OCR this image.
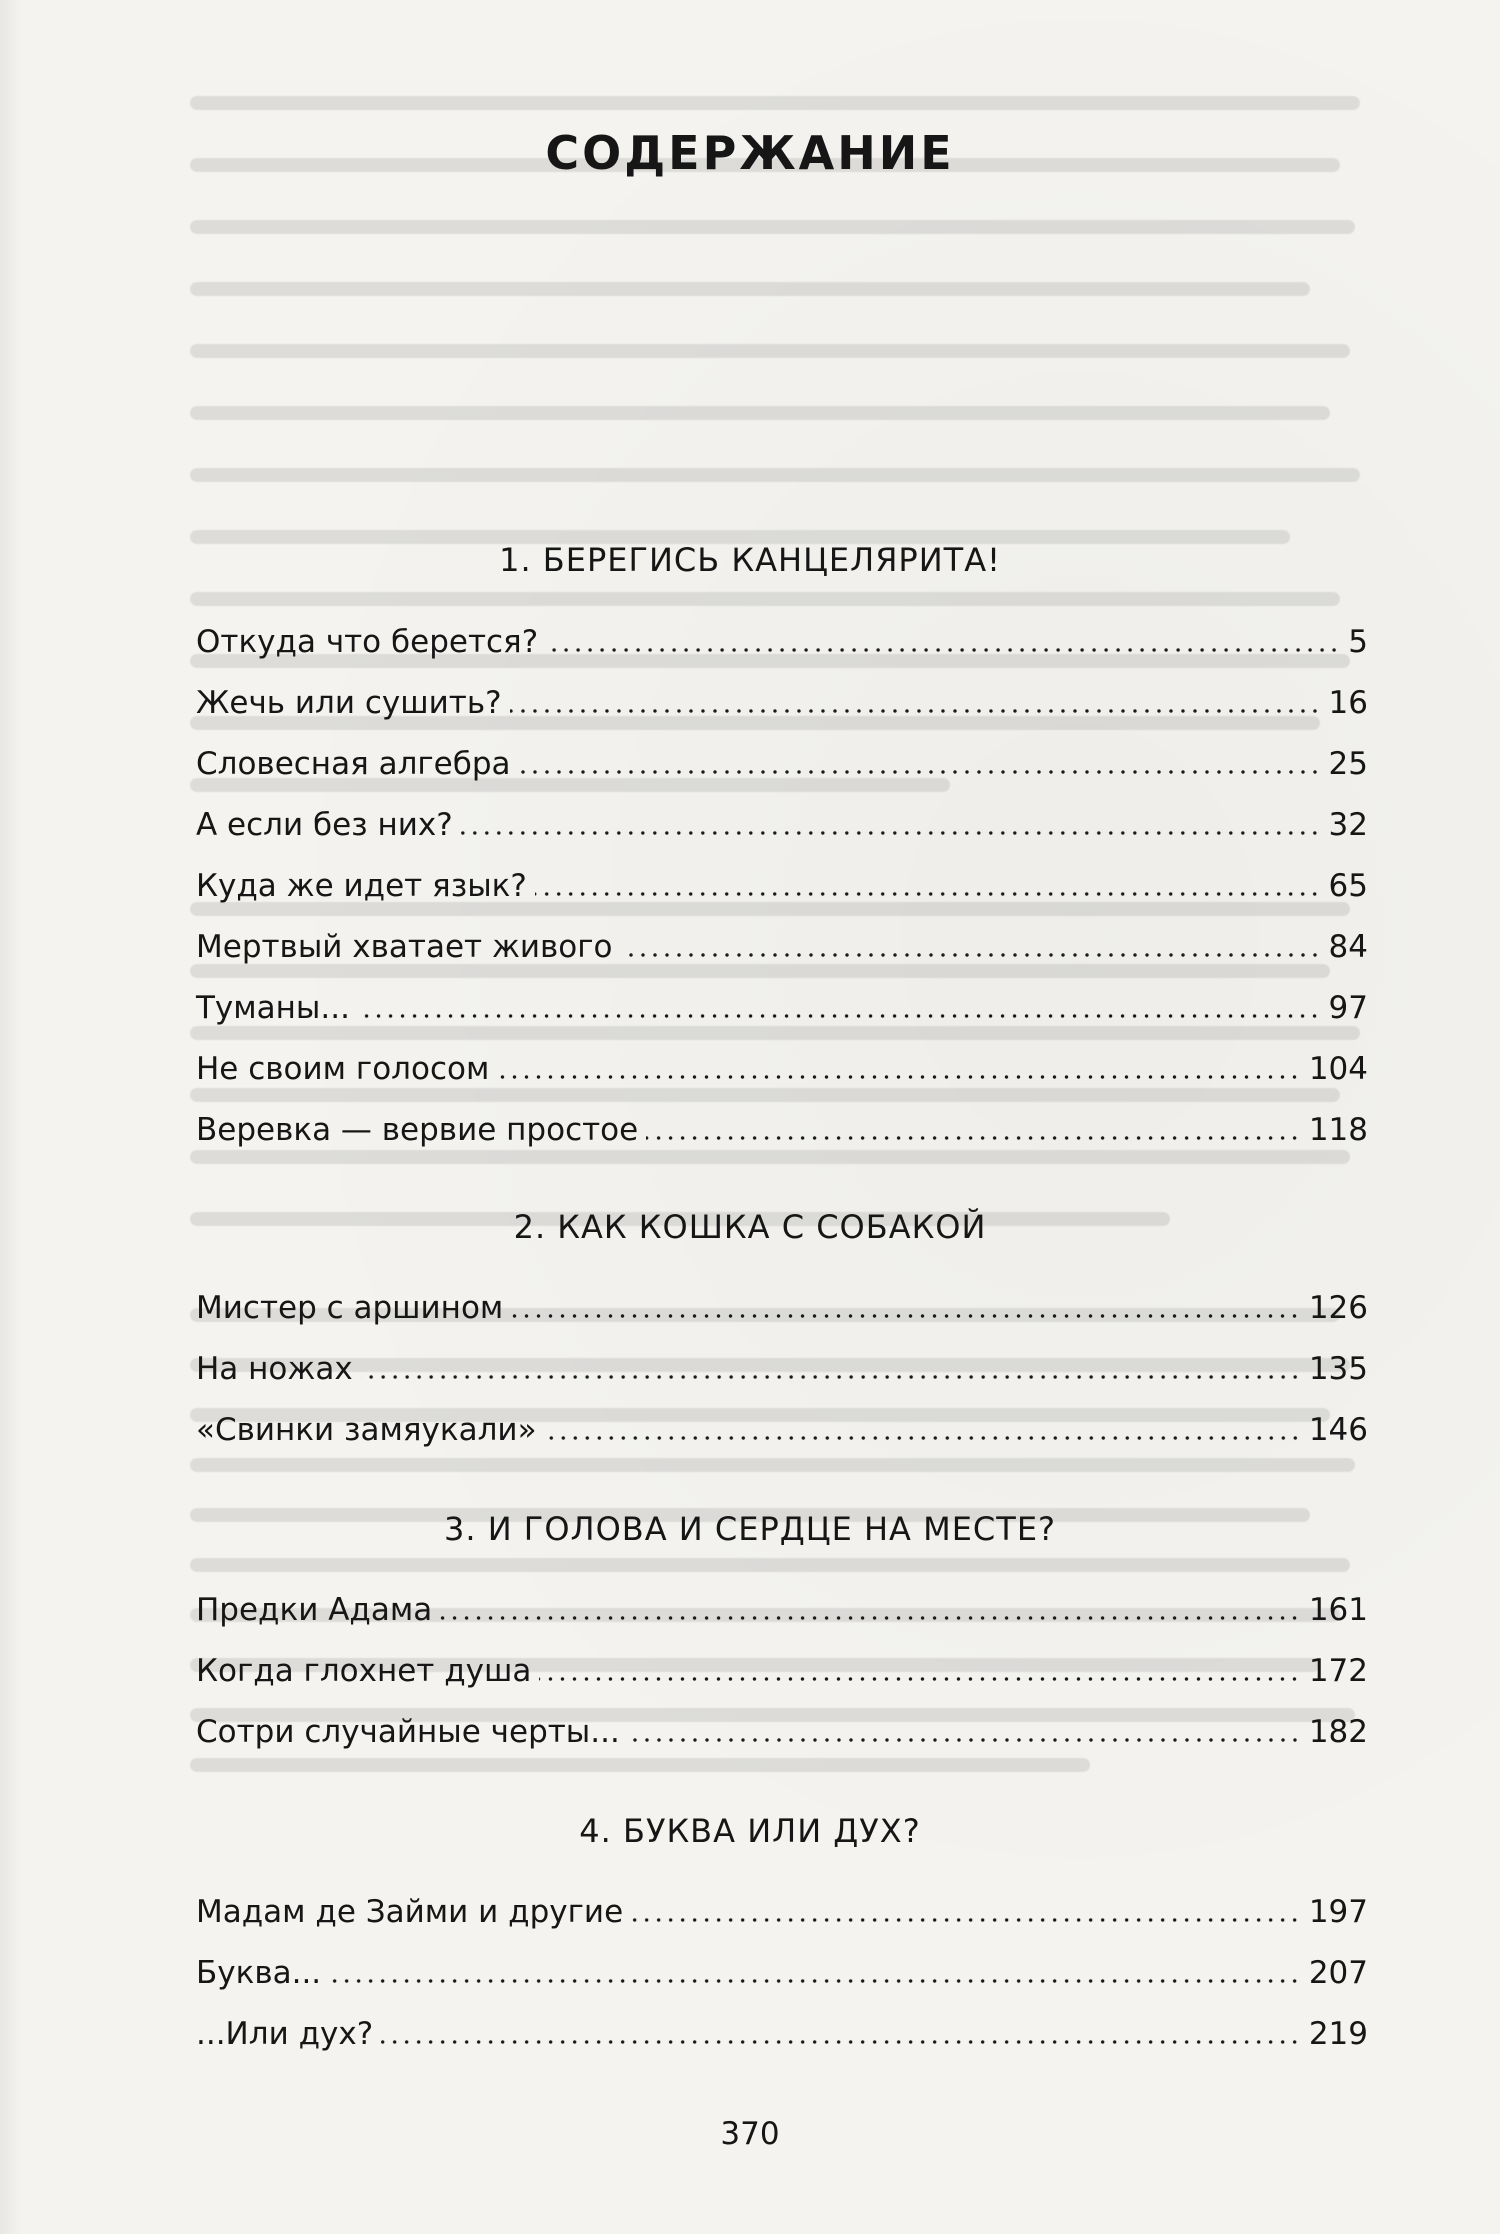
СОДЕРЖАНИЕ
1. БЕРЕГИСЬ КАНЦЕЛЯРИТА!
Откуда что берется?	5
Жечь или сушить?	16
Словесная алгебра	25
А если без них?	32
Куда же идет язык?	65
Мертвый хватает живого	84
Туманы...	97
Не своим голосом	104
Веревка — вервие простое	118
2. КАК КОШКА С СОБАКОЙ
Мистер с аршином	126
На ножах	135
«Свинки замяукали»	146
3. И ГОЛОВА И СЕРДЦЕ НА МЕСТЕ?
Предки Адама	161
Когда глохнет душа	172
Сотри случайные черты...	182
4. БУКВА ИЛИ ДУХ?
Мадам де Займи и другие	197
Буква...	207
...Или дух?	219
370
